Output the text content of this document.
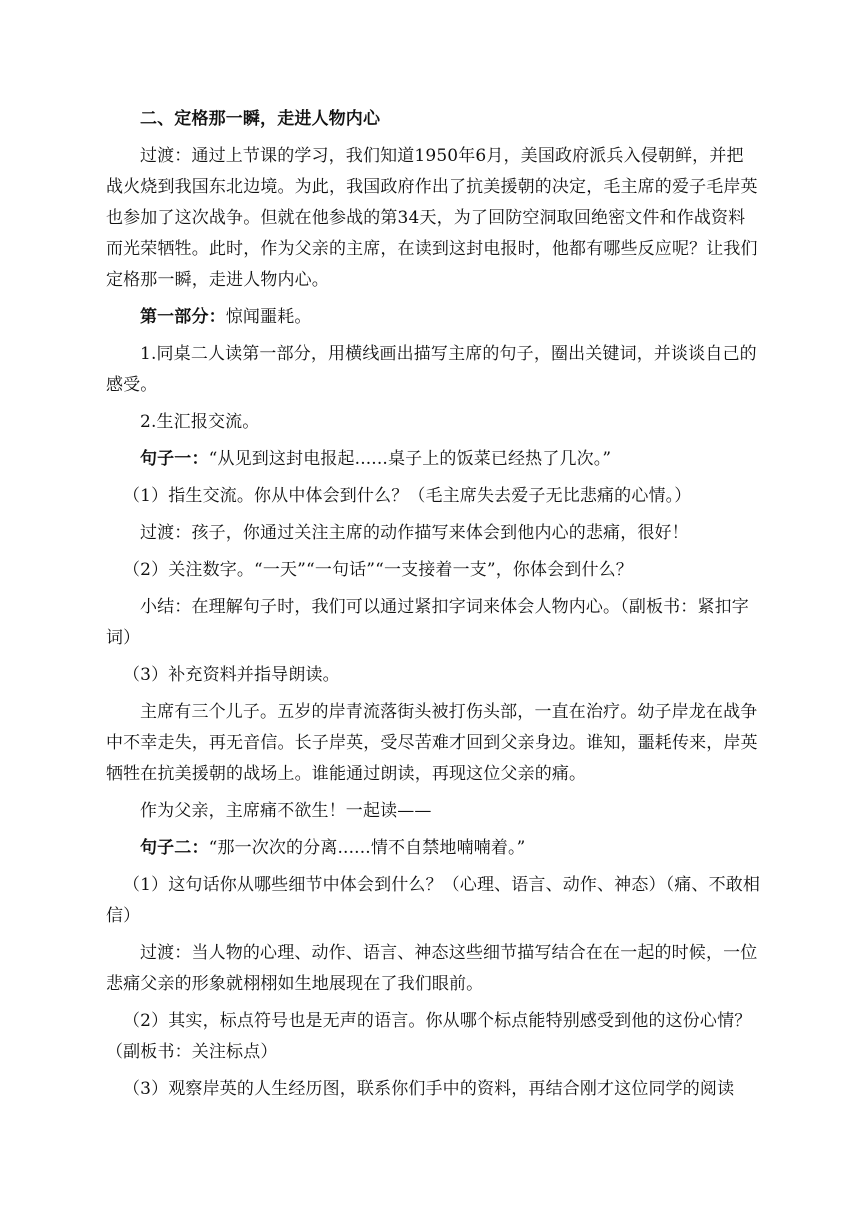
二、定格那一瞬，走进人物内心
过渡：通过上节课的学习，我们知道1950年6月，美国政府派兵入侵朝鲜，并把战火烧到我国东北边境。为此，我国政府作出了抗美援朝的决定，毛主席的爱子毛岸英也参加了这次战争。但就在他参战的第34天，为了回防空洞取回绝密文件和作战资料而光荣牺牲。此时，作为父亲的主席，在读到这封电报时，他都有哪些反应呢？让我们定格那一瞬，走进人物内心。
第一部分：惊闻噩耗。
1.同桌二人读第一部分，用横线画出描写主席的句子，圈出关键词，并谈谈自己的感受。
2.生汇报交流。
句子一：“从见到这封电报起......桌子上的饭菜已经热了几次。”
（1）指生交流。你从中体会到什么？（毛主席失去爱子无比悲痛的心情。）
过渡：孩子，你通过关注主席的动作描写来体会到他内心的悲痛，很好！
（2）关注数字。“一天”“一句话”“一支接着一支”，你体会到什么？
小结：在理解句子时，我们可以通过紧扣字词来体会人物内心。（副板书：紧扣字词）
（3）补充资料并指导朗读。
主席有三个儿子。五岁的岸青流落街头被打伤头部，一直在治疗。幼子岸龙在战争中不幸走失，再无音信。长子岸英，受尽苦难才回到父亲身边。谁知，噩耗传来，岸英牺牲在抗美援朝的战场上。谁能通过朗读，再现这位父亲的痛。
作为父亲，主席痛不欲生！一起读——
句子二：“那一次次的分离......情不自禁地喃喃着。”
（1）这句话你从哪些细节中体会到什么？（心理、语言、动作、神态）（痛、不敢相信）
过渡：当人物的心理、动作、语言、神态这些细节描写结合在在一起的时候，一位悲痛父亲的形象就栩栩如生地展现在了我们眼前。
（2）其实，标点符号也是无声的语言。你从哪个标点能特别感受到他的这份心情？（副板书：关注标点）
（3）观察岸英的人生经历图，联系你们手中的资料，再结合刚才这位同学的阅读
